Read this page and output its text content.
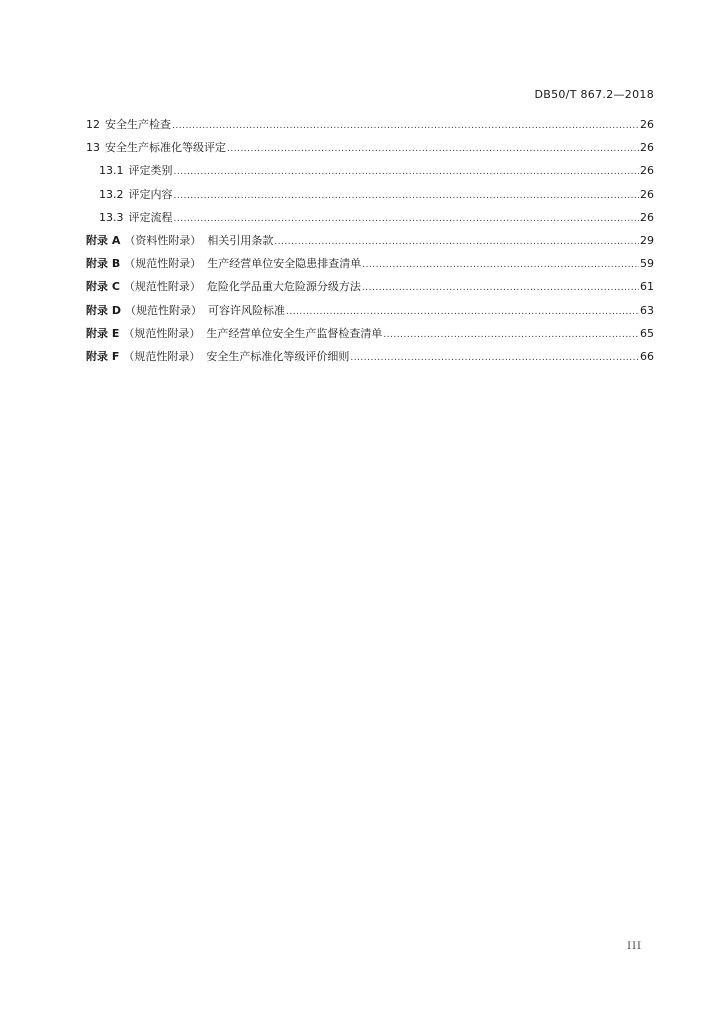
DB50/T 867.2—2018
12 安全生产检查 .....	26
13 安全生产标准化等级评定 .....	26
13.1 评定类别 .....	26
13.2 评定内容 .....	26
13.3 评定流程 .....	26
附录 A （资料性附录） 相关引用条款 .....	29
附录 B （规范性附录） 生产经营单位安全隐患排查清单 .....	59
附录 C （规范性附录） 危险化学品重大危险源分级方法 .....	61
附录 D （规范性附录） 可容许风险标准 .....	63
附录 E （规范性附录） 生产经营单位安全生产监督检查清单 .....	65
附录 F （规范性附录） 安全生产标准化等级评价细则 .....	66
III
